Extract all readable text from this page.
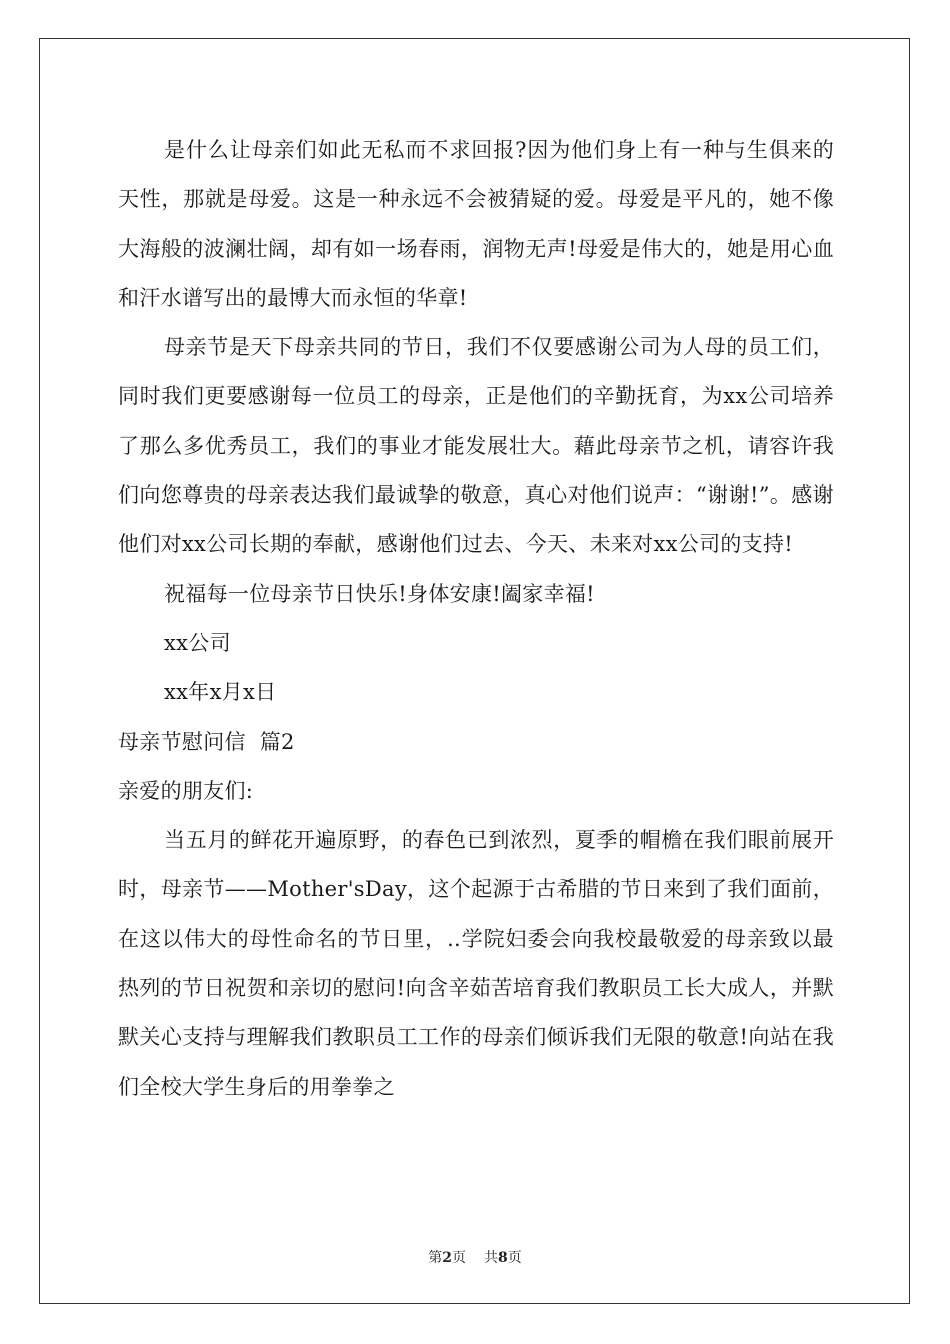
是什么让母亲们如此无私而不求回报?因为他们身上有一种与生俱来的天性，那就是母爱。这是一种永远不会被猜疑的爱。母爱是平凡的，她不像大海般的波澜壮阔，却有如一场春雨，润物无声!母爱是伟大的，她是用心血和汗水谱写出的最博大而永恒的华章!

母亲节是天下母亲共同的节日，我们不仅要感谢公司为人母的员工们，同时我们更要感谢每一位员工的母亲，正是他们的辛勤抚育，为xx公司培养了那么多优秀员工，我们的事业才能发展壮大。藉此母亲节之机，请容许我们向您尊贵的母亲表达我们最诚挚的敬意，真心对他们说声：“谢谢!”。感谢他们对xx公司长期的奉献，感谢他们过去、今天、未来对xx公司的支持!

祝福每一位母亲节日快乐!身体安康!阖家幸福!

xx公司

xx年x月x日

母亲节慰问信  篇2

亲爱的朋友们:

当五月的鲜花开遍原野，的春色已到浓烈，夏季的帽檐在我们眼前展开时，母亲节——Mother'sDay，这个起源于古希腊的节日来到了我们面前，在这以伟大的母性命名的节日里，..学院妇委会向我校最敬爱的母亲致以最热列的节日祝贺和亲切的慰问!向含辛茹苦培育我们教职员工长大成人，并默默关心支持与理解我们教职员工工作的母亲们倾诉我们无限的敬意!向站在我们全校大学生身后的用拳拳之

第2页 共8页
